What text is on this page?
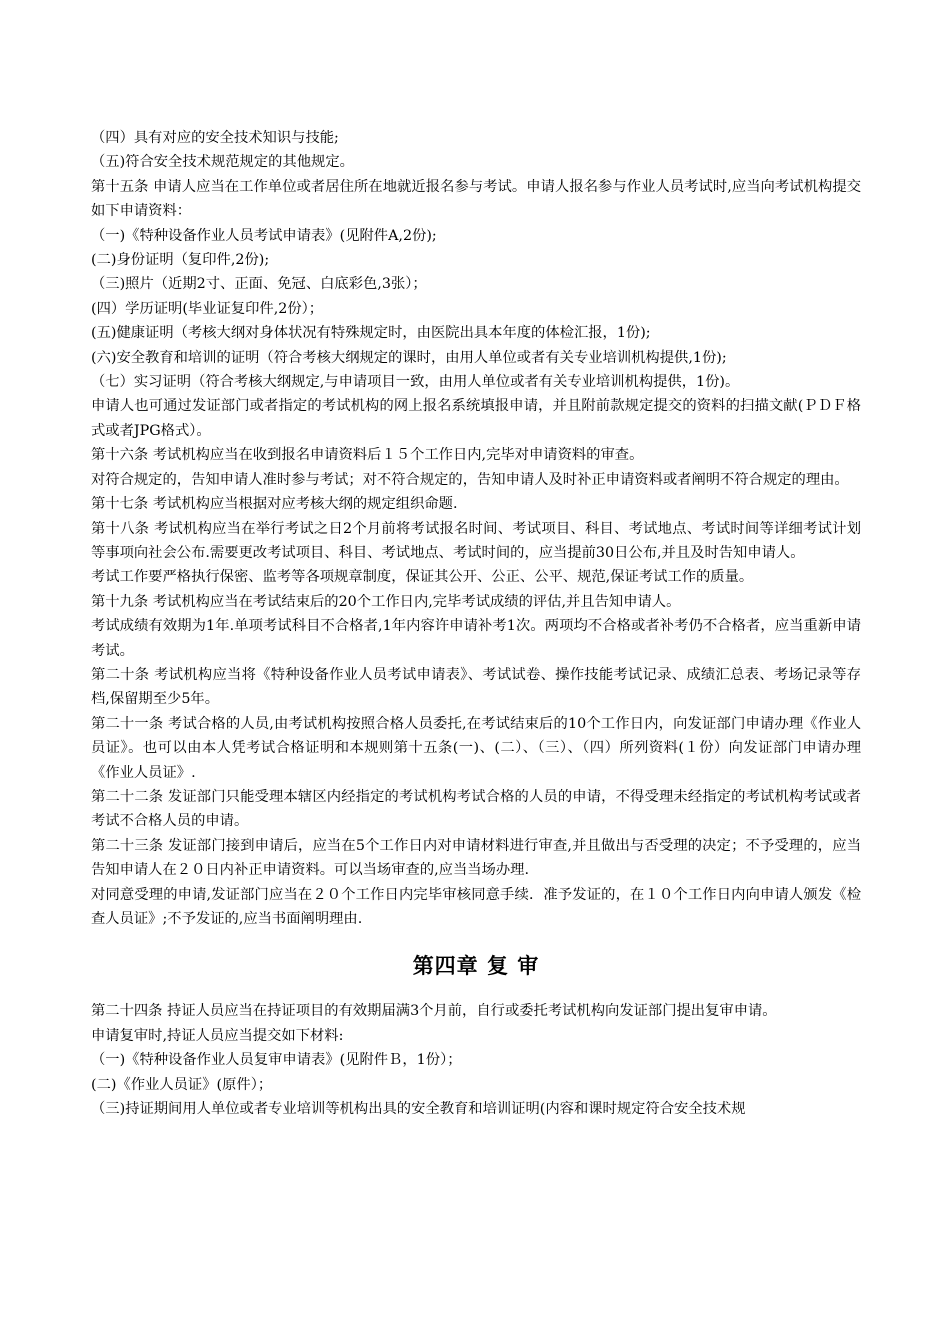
（四）具有对应的安全技术知识与技能;

（五)符合安全技术规范规定的其他规定。

第十五条 申请人应当在工作单位或者居住所在地就近报名参与考试。申请人报名参与作业人员考试时,应当向考试机构提交如下申请资料：

（一)《特种设备作业人员考试申请表》(见附件A,2份);

(二)身份证明（复印件,2份);

（三)照片（近期2寸、正面、免冠、白底彩色,3张）；

(四）学历证明(毕业证复印件,2份）；

(五)健康证明（考核大纲对身体状况有特殊规定时，由医院出具本年度的体检汇报，1份);

(六)安全教育和培训的证明（符合考核大纲规定的课时，由用人单位或者有关专业培训机构提供,1份);

（七）实习证明（符合考核大纲规定,与申请项目一致，由用人单位或者有关专业培训机构提供，1份)。

申请人也可通过发证部门或者指定的考试机构的网上报名系统填报申请，并且附前款规定提交的资料的扫描文献(ＰＤＦ格式或者JPG格式）。

第十六条 考试机构应当在收到报名申请资料后１５个工作日内,完毕对申请资料的审查。

对符合规定的，告知申请人准时参与考试；对不符合规定的，告知申请人及时补正申请资料或者阐明不符合规定的理由。

第十七条 考试机构应当根据对应考核大纲的规定组织命题.

第十八条 考试机构应当在举行考试之日2个月前将考试报名时间、考试项目、科目、考试地点、考试时间等详细考试计划等事项向社会公布.需要更改考试项目、科目、考试地点、考试时间的，应当提前30日公布,并且及时告知申请人。

考试工作要严格执行保密、监考等各项规章制度，保证其公开、公正、公平、规范,保证考试工作的质量。

第十九条 考试机构应当在考试结束后的20个工作日内,完毕考试成绩的评估,并且告知申请人。

考试成绩有效期为1年.单项考试科目不合格者,1年内容许申请补考1次。两项均不合格或者补考仍不合格者，应当重新申请考试。

第二十条 考试机构应当将《特种设备作业人员考试申请表》、考试试卷、操作技能考试记录、成绩汇总表、考场记录等存档,保留期至少5年。

第二十一条 考试合格的人员,由考试机构按照合格人员委托,在考试结束后的10个工作日内，向发证部门申请办理《作业人员证》。也可以由本人凭考试合格证明和本规则第十五条(一)、(二）、（三）、（四）所列资料(１份）向发证部门申请办理《作业人员证》.

第二十二条 发证部门只能受理本辖区内经指定的考试机构考试合格的人员的申请，不得受理未经指定的考试机构考试或者考试不合格人员的申请。

第二十三条 发证部门接到申请后，应当在5个工作日内对申请材料进行审查,并且做出与否受理的决定；不予受理的，应当告知申请人在２０日内补正申请资料。可以当场审查的,应当当场办理.

对同意受理的申请,发证部门应当在２０个工作日内完毕审核同意手续．准予发证的，在１０个工作日内向申请人颁发《检查人员证》;不予发证的,应当书面阐明理由.

第四章 复 审

第二十四条 持证人员应当在持证项目的有效期届满3个月前，自行或委托考试机构向发证部门提出复审申请。

申请复审时,持证人员应当提交如下材料:

（一)《特种设备作业人员复审申请表》(见附件Ｂ，1份）；

(二)《作业人员证》(原件）；

（三)持证期间用人单位或者专业培训等机构出具的安全教育和培训证明(内容和课时规定符合安全技术规
